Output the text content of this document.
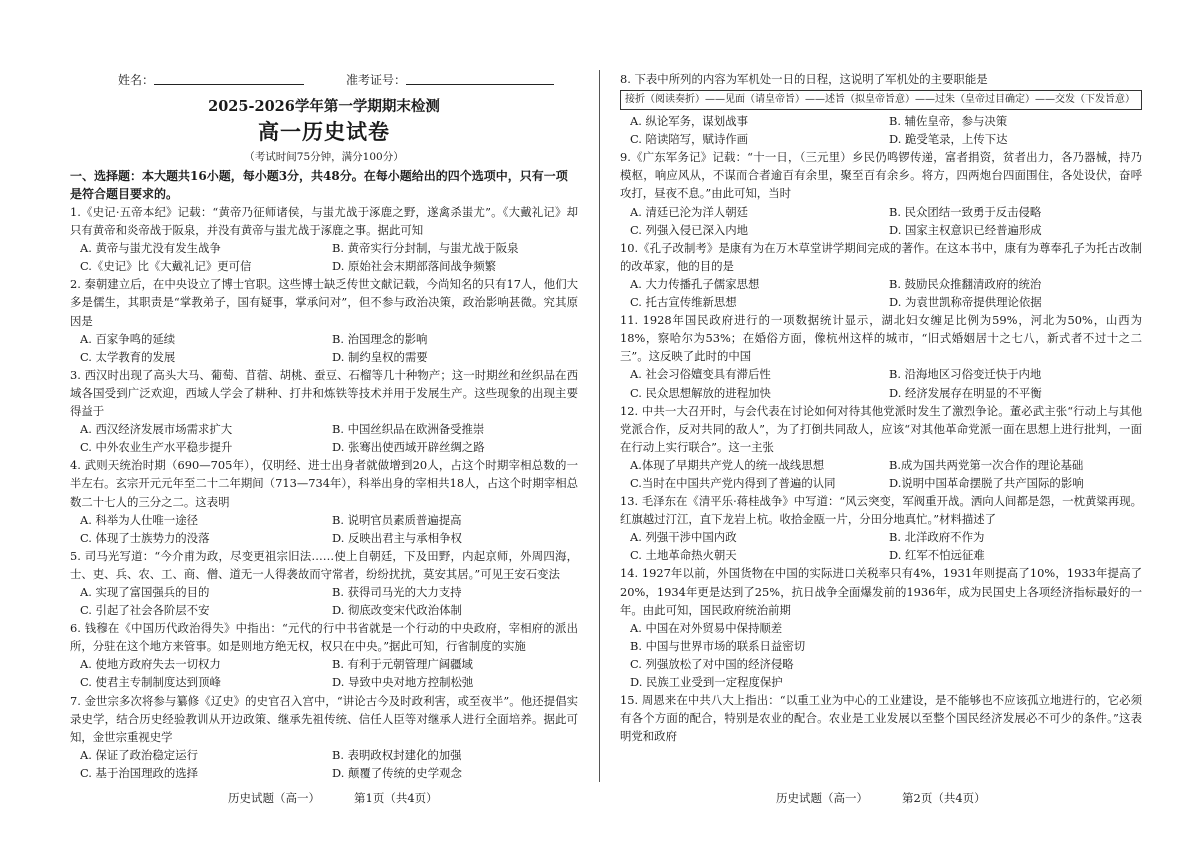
姓名：	准考证号：
2025-2026学年第一学期期末检测
高一历史试卷
（考试时间75分钟，满分100分）
一、选择题：本大题共16小题，每小题3分，共48分。在每小题给出的四个选项中，只有一项是符合题目要求的。
1.《史记·五帝本纪》记载：“黄帝乃征师诸侯，与蚩尤战于涿鹿之野，遂禽杀蚩尤”。《大戴礼记》却只有黄帝和炎帝战于阪泉，并没有黄帝与蚩尤战于涿鹿之事。据此可知
A. 黄帝与蚩尤没有发生战争	B. 黄帝实行分封制，与蚩尤战于阪泉
C.《史记》比《大戴礼记》更可信	D. 原始社会末期部落间战争频繁
2. 秦朝建立后，在中央设立了博士官职。这些博士缺乏传世文献记载，今尚知名的只有17人，他们大多是儒生，其职责是“掌教弟子，国有疑事，掌承问对”，但不参与政治决策，政治影响甚微。究其原因是
A. 百家争鸣的延续	B. 治国理念的影响
C. 太学教育的发展	D. 制约皇权的需要
3. 西汉时出现了高头大马、葡萄、苜蓿、胡桃、蚕豆、石榴等几十种物产；这一时期丝和丝织品在西域各国受到广泛欢迎，西域人学会了耕种、打井和炼铁等技术并用于发展生产。这些现象的出现主要得益于
A. 西汉经济发展市场需求扩大	B. 中国丝织品在欧洲备受推崇
C. 中外农业生产水平稳步提升	D. 张骞出使西域开辟丝绸之路
4. 武则天统治时期（690—705年），仅明经、进士出身者就做增到20人，占这个时期宰相总数的一半左右。玄宗开元元年至二十二年期间（713—734年），科举出身的宰相共18人，占这个时期宰相总数二十七人的三分之二。这表明
A. 科举为人仕唯一途径	B. 说明官员素质普遍提高
C. 体现了士族势力的没落	D. 反映出君主与承相争权
5. 司马光写道：“今介甫为政，尽变更祖宗旧法……使上自朝廷，下及田野，内起京师，外周四海，士、吏、兵、农、工、商、僧、道无一人得袭故而守常者，纷纷扰扰，莫安其居。”可见王安石变法
A. 实现了富国强兵的目的	B. 获得司马光的大力支持
C. 引起了社会各阶层不安	D. 彻底改变宋代政治体制
6. 钱穆在《中国历代政治得失》中指出：“元代的行中书省就是一个行动的中央政府，宰相府的派出所，分驻在这个地方来管事。如是则地方绝无权，权只在中央。”据此可知，行省制度的实施
A. 使地方政府失去一切权力	B. 有利于元朝管理广阔疆域
C. 使君主专制制度达到顶峰	D. 导致中央对地方控制松弛
7. 金世宗多次将参与纂修《辽史》的史官召入宫中，“讲论古今及时政利害，或至夜半”。他还提倡实录史学，结合历史经验教训从开边政策、继承先祖传统、信任人臣等对继承人进行全面培养。据此可知，金世宗重视史学
A. 保证了政治稳定运行	B. 表明政权封建化的加强
C. 基于治国理政的选择	D. 颠覆了传统的史学观念
8. 下表中所列的内容为军机处一日的日程，这说明了军机处的主要职能是
接折（阅读奏折）——见面（请皇帝旨）——述旨（拟皇帝旨意）——过朱（皇帝过目确定）——交发（下发旨意）
A. 纵论军务，谋划战事	B. 辅佐皇帝，参与决策
C. 陪读陪写，赋诗作画	D. 跪受笔录，上传下达
9.《广东军务记》记载：“十一日，（三元里）乡民仍鸣锣传递，富者捐资，贫者出力，各乃器械，持乃模枢，响应风从，不谋而合者逾百有余里，聚至百有余乡。将方，四两炮台四面围住，各处设伏，奋呼攻打，昼夜不息。”由此可知，当时
A. 清廷已沦为洋人朝廷	B. 民众团结一致勇于反击侵略
C. 列强入侵已深入内地	D. 国家主权意识已经普遍形成
10.《孔子改制考》是康有为在万木草堂讲学期间完成的著作。在这本书中，康有为尊奉孔子为托古改制的改革家，他的目的是
A. 大力传播孔子儒家思想	B. 鼓励民众推翻清政府的统治
C. 托古宣传维新思想	D. 为袁世凯称帝提供理论依据
11. 1928年国民政府进行的一项数据统计显示，湖北妇女缠足比例为59%，河北为50%，山西为18%，察哈尔为53%；在婚俗方面，像杭州这样的城市，“旧式婚姻居十之七八，新式者不过十之二三”。这反映了此时的中国
A. 社会习俗嬗变具有滞后性	B. 沿海地区习俗变迁快于内地
C. 民众思想解放的进程加快	D. 经济发展存在明显的不平衡
12. 中共一大召开时，与会代表在讨论如何对待其他党派时发生了激烈争论。董必武主张“行动上与其他党派合作，反对共同的敌人”，为了打倒共同敌人，应该“对其他革命党派一面在思想上进行批判，一面在行动上实行联合”。这一主张
A.体现了早期共产党人的统一战线思想	B.成为国共两党第一次合作的理论基础
C.当时在中国共产党内得到了普遍的认同	D.说明中国革命摆脱了共产国际的影响
13. 毛泽东在《清平乐·蒋桂战争》中写道：“风云突变，军阀重开战。洒向人间都是怨，一枕黄粱再现。红旗越过汀江，直下龙岩上杭。收拾金瓯一片，分田分地真忙。”材料描述了
A. 列强干涉中国内政	B. 北洋政府不作为
C. 土地革命热火朝天	D. 红军不怕远征难
14. 1927年以前，外国货物在中国的实际进口关税率只有4%，1931年则提高了10%，1933年提高了20%，1934年更是达到了25%，抗日战争全面爆发前的1936年，成为民国史上各项经济指标最好的一年。由此可知，国民政府统治前期
A. 中国在对外贸易中保持顺差
B. 中国与世界市场的联系日益密切
C. 列强放松了对中国的经济侵略
D. 民族工业受到一定程度保护
15. 周恩来在中共八大上指出：“以重工业为中心的工业建设，是不能够也不应该孤立地进行的，它必须有各个方面的配合，特别是农业的配合。农业是工业发展以至整个国民经济发展必不可少的条件。”这表明党和政府
历史试题（高一）	第1页（共4页）	历史试题（高一）	第2页（共4页）
